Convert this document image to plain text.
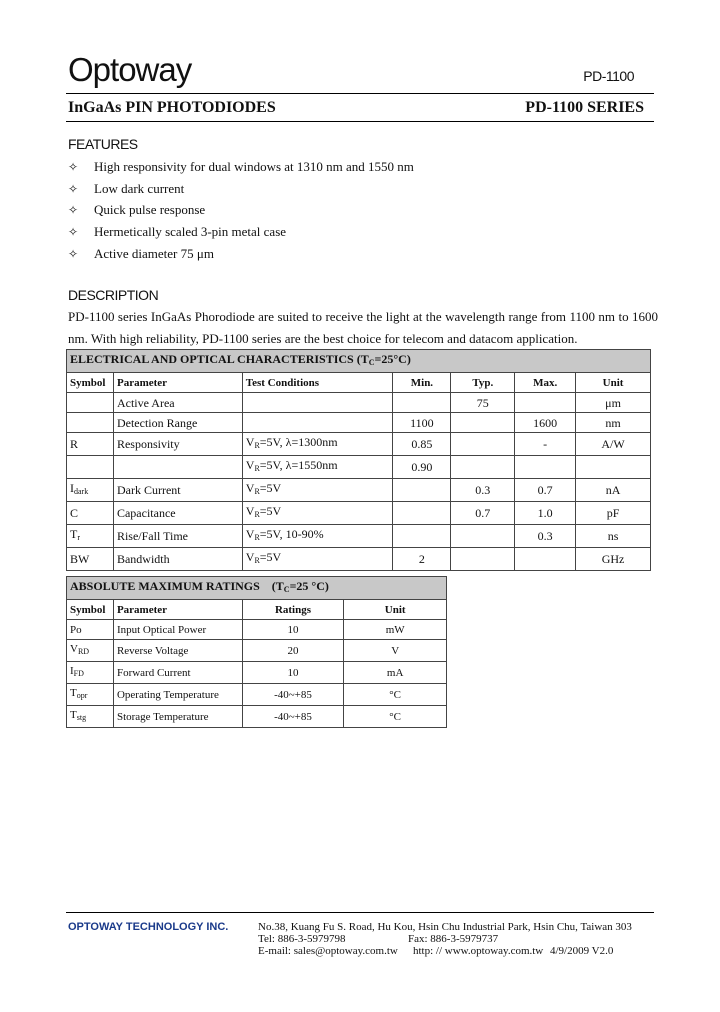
Optoway	PD-1100
InGaAs PIN PHOTODIODES	PD-1100 SERIES
FEATURES
✧	High responsivity for dual windows at 1310 nm and 1550 nm
✧	Low dark current
✧	Quick pulse response
✧	Hermetically scaled 3-pin metal case
✧	Active diameter 75 μm
DESCRIPTION
PD-1100 series InGaAs Phorodiode are suited to receive the light at the wavelength range from 1100 nm to 1600 nm. With high reliability, PD-1100 series are the best choice for telecom and datacom application.
ELECTRICAL AND OPTICAL CHARACTERISTICS $(T_C=25^\circ C)$						
Symbol	Parameter	Test Conditions	Min.	Typ.	Max.	Unit
	Active Area			75		μm
	Detection Range		1100		1600	nm
R	Responsivity	$V_R=5V$, λ=1300nm	0.85		-	A/W
		$V_R=5V$, λ=1550nm	0.90			
$I_{dark}$	Dark Current	$V_R=5V$		0.3	0.7	nA
C	Capacitance	$V_R=5V$		0.7	1.0	pF
$T_r$	Rise/Fall Time	$V_R=5V$, 10-90%			0.3	ns
BW	Bandwidth	$V_R=5V$	2			GHz
ABSOLUTE MAXIMUM RATINGS    ($T_C=25$ °C)			
Symbol	Parameter	Ratings	Unit
Po	Input Optical Power	10	mW
$V_{RD}$	Reverse Voltage	20	V
$I_{FD}$	Forward Current	10	mA
$T_{opr}$	Operating Temperature	-40~+85	°C
$T_{stg}$	Storage Temperature	-40~+85	°C
OPTOWAY TECHNOLOGY INC.	No.38, Kuang Fu S. Road, Hu Kou, Hsin Chu Industrial Park, Hsin Chu, Taiwan 303
Tel: 886-3-5979798	Fax: 886-3-5979737
E-mail: sales@optoway.com.tw http: // www.optoway.com.tw 4/9/2009 V2.0
